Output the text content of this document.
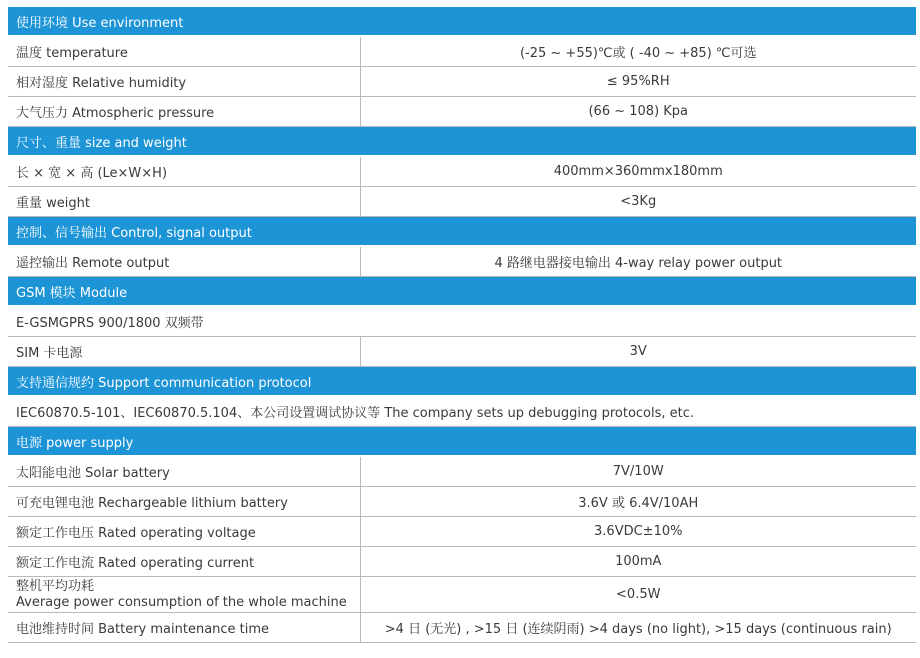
使用环境 Use environment	
温度 temperature	(-25 ~ +55)℃或 ( -40 ~ +85) ℃可选
相对湿度 Relative humidity	≤ 95%RH
大气压力 Atmospheric pressure	(66 ~ 108) Kpa
尺寸、重量 size and weight	
长 × 宽 × 高 (Le×W×H)	400mm×360mmx180mm
重量 weight	<3Kg
控制、信号输出 Control, signal output	
遥控输出 Remote output	4 路继电器接电输出 4-way relay power output
GSM 模块 Module	
E-GSMGPRS 900/1800 双频带	
SIM 卡电源	3V
支持通信规约 Support communication protocol	
IEC60870.5-101、IEC60870.5.104、本公司设置调试协议等 The company sets up debugging protocols, etc.	
电源 power supply	
太阳能电池 Solar battery	7V/10W
可充电锂电池 Rechargeable lithium battery	3.6V 或 6.4V/10AH
额定工作电压 Rated operating voltage	3.6VDC±10%
额定工作电流 Rated operating current	100mA

整机平均功耗
Average power consumption of the whole machine	<0.5W
电池维持时间 Battery maintenance time	>4 日 (无光) , >15 日 (连续阴雨) >4 days (no light), >15 days (continuous rain)
